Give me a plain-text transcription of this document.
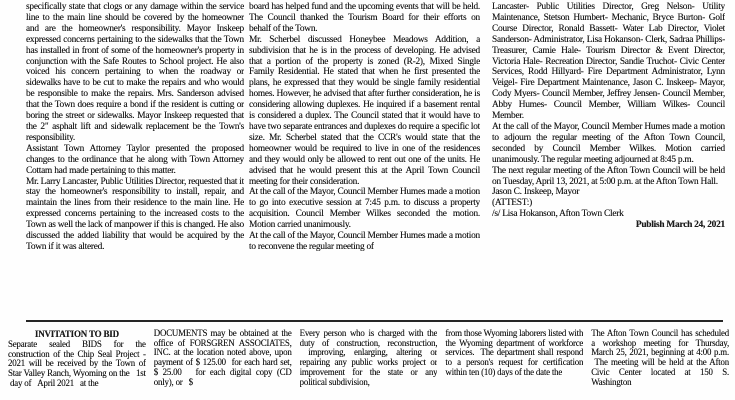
specifically state that clogs or any damage within the service line to the main line should be covered by the homeowner and are the homeowner's responsibility. Mayor Inskeep expressed concerns pertaining to the sidewalks that the Town has installed in front of some of the homeowner's property in conjunction with the Safe Routes to School project. He also voiced his concern pertaining to when the roadway or sidewalks have to be cut to make the repairs and who would be responsible to make the repairs. Mrs. Sanderson advised that the Town does require a bond if the resident is cutting or boring the street or sidewalks. Mayor Inskeep requested that the 2" asphalt lift and sidewalk replacement be the Town's responsibility.

Assistant Town Attorney Taylor presented the proposed changes to the ordinance that he along with Town Attorney Cottam had made pertaining to this matter.

Mr. Larry Lancaster, Public Utilities Director, requested that it stay the homeowner's responsibility to install, repair, and maintain the lines from their residence to the main line. He expressed concerns pertaining to the increased costs to the Town as well the lack of manpower if this is changed. He also discussed the added liability that would be acquired by the Town if it was altered.

board has helped fund and the upcoming events that will be held. The Council thanked the Tourism Board for their efforts on behalf of the Town.

Mr. Scherbel discussed Honeybee Meadows Addition, a subdivision that he is in the process of developing. He advised that a portion of the property is zoned (R-2), Mixed Single Family Residential. He stated that when he first presented the plans, he expressed that they would be single family residential homes. However, he advised that after further consideration, he is considering allowing duplexes. He inquired if a basement rental is considered a duplex. The Council stated that it would have to have two separate entrances and duplexes do require a specific lot size. Mr. Scherbel stated that the CCR's would state that the homeowner would be required to live in one of the residences and they would only be allowed to rent out one of the units. He advised that he would present this at the April Town Council meeting for their consideration.

At the call of the Mayor, Council Member Humes made a motion to go into executive session at 7:45 p.m. to discuss a property acquisition. Council Member Wilkes seconded the motion. Motion carried unanimously.

At the call of the Mayor, Council Member Humes made a motion to reconvene the regular meeting of

Lancaster- Public Utilities Director, Greg Nelson- Utility Maintenance, Stetson Humbert- Mechanic, Bryce Burton- Golf Course Director, Ronald Bassett- Water Lab Director, Violet Sanderson- Administrator, Lisa Hokanson- Clerk, Sadraa Phillips- Treasurer, Camie Hale- Tourism Director & Event Director, Victoria Hale- Recreation Director, Sandie Truchot- Civic Center Services, Rodd Hillyard- Fire Department Administrator, Lynn Veigel- Fire Department Maintenance, Jason C. Inskeep- Mayor, Cody Myers- Council Member, Jeffrey Jensen- Council Member, Abby Humes- Council Member, William Wilkes- Council Member.

At the call of the Mayor, Council Member Humes made a motion to adjourn the regular meeting of the Afton Town Council, seconded by Council Member Wilkes. Motion carried unanimously. The regular meeting adjourned at 8:45 p.m.

The next regular meeting of the Afton Town Council will be held on Tuesday, April 13, 2021, at 5:00 p.m. at the Afton Town Hall.

Jason C. Inskeep, Mayor

(ATTEST:)

/s/ Lisa Hokanson, Afton Town Clerk

Publish March 24, 2021

INVITATION TO BID

Separate sealed BIDS for the construction of the Chip Seal Project - 2021 will be received by the Town of Star Valley Ranch, Wyoming on the   1st  day of   April 2021   at the

DOCUMENTS may be obtained at the office of FORSGREN ASSOCIATES, INC. at the location noted above, upon payment of $ 125.00  for each hard set, $ 25.00   for each digital copy (CD only), or   $

Every person who is charged with the duty of construction, reconstruction,  improving, enlarging, altering or repairing any public works project or improvement for the state or any political subdivision,

from those Wyoming laborers listed with the Wyoming department of workforce services.  The department shall respond to a person's request for certification within ten (10) days of the date the

The Afton Town Council has scheduled a workshop meeting for Thursday, March 25, 2021, beginning at 4:00 p.m.  The meeting will be held at the Afton Civic Center located at 150 S. Washington
